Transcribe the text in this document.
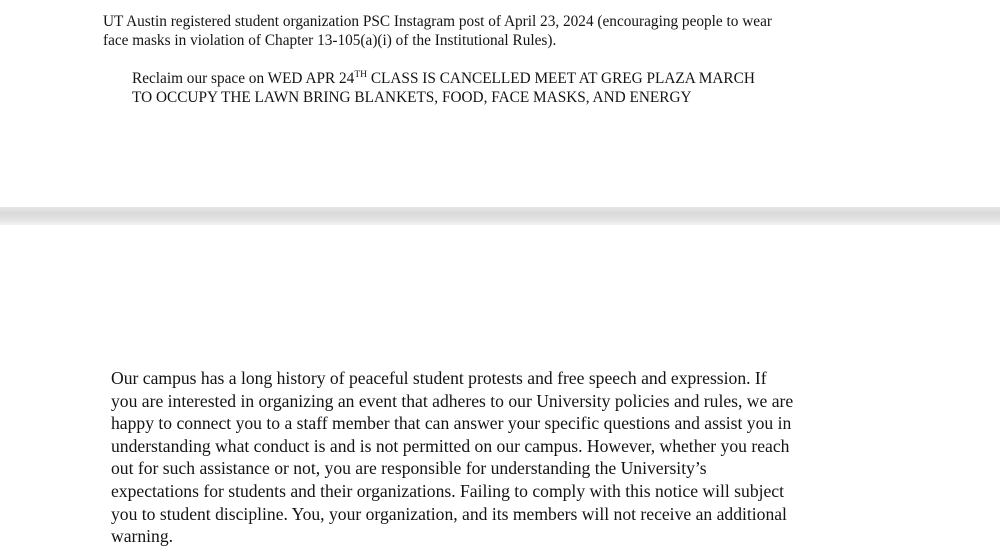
UT Austin registered student organization PSC Instagram post of April 23, 2024 (encouraging people to wear
face masks in violation of Chapter 13-105(a)(i) of the Institutional Rules).

Reclaim our space on WED APR 24TH CLASS IS CANCELLED MEET AT GREG PLAZA MARCH
TO OCCUPY THE LAWN BRING BLANKETS, FOOD, FACE MASKS, AND ENERGY

Our campus has a long history of peaceful student protests and free speech and expression. If
you are interested in organizing an event that adheres to our University policies and rules, we are
happy to connect you to a staff member that can answer your specific questions and assist you in
understanding what conduct is and is not permitted on our campus. However, whether you reach
out for such assistance or not, you are responsible for understanding the University’s
expectations for students and their organizations. Failing to comply with this notice will subject
you to student discipline. You, your organization, and its members will not receive an additional
warning.
